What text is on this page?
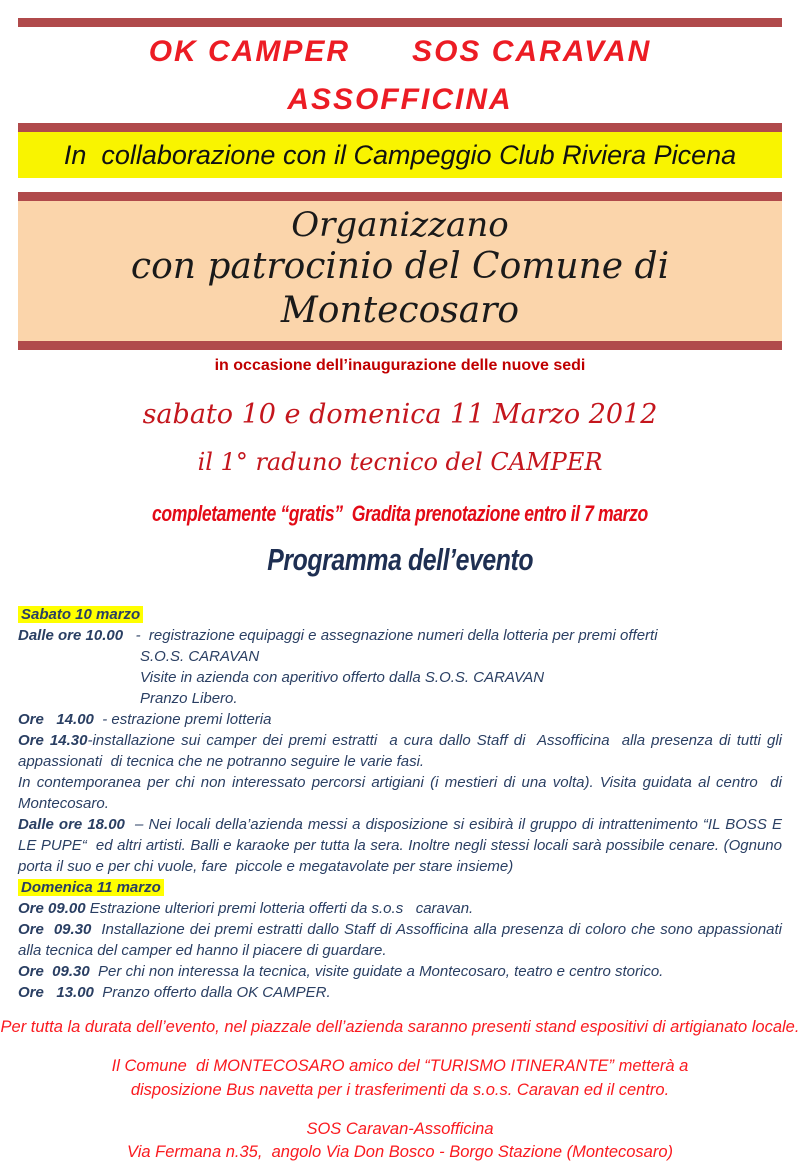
OK CAMPER      SOS CARAVAN
ASSOFFICINA
In  collaborazione con il Campeggio Club Riviera Picena
Organizzano
con patrocinio del Comune di Montecosaro
in occasione dell’inaugurazione delle nuove sedi
sabato 10 e domenica 11 Marzo 2012
il 1° raduno tecnico del CAMPER
completamente “gratis”  Gradita prenotazione entro il 7 marzo
Programma dell’evento

Sabato 10 marzo

Dalle ore 10.00   -  registrazione equipaggi e assegnazione numeri della lotteria per premi offerti

S.O.S. CARAVAN

Visite in azienda con aperitivo offerto dalla S.O.S. CARAVAN

Pranzo Libero.

Ore   14.00  - estrazione premi lotteria

Ore 14.30-installazione sui camper dei premi estratti  a cura dallo Staff di  Assofficina  alla presenza di tutti gli appassionati  di tecnica che ne potranno seguire le varie fasi.

In contemporanea per chi non interessato percorsi artigiani (i mestieri di una volta). Visita guidata al centro  di Montecosaro.

Dalle ore 18.00  – Nei locali della’azienda messi a disposizione si esibirà il gruppo di intrattenimento “IL BOSS E LE PUPE“  ed altri artisti. Balli e karaoke per tutta la sera. Inoltre negli stessi locali sarà possibile cenare. (Ognuno porta il suo e per chi vuole, fare  piccole e megatavolate per stare insieme)

Domenica 11 marzo

Ore 09.00 Estrazione ulteriori premi lotteria offerti da s.o.s   caravan.

Ore  09.30  Installazione dei premi estratti dallo Staff di Assofficina alla presenza di coloro che sono appassionati alla tecnica del camper ed hanno il piacere di guardare.

Ore  09.30  Per chi non interessa la tecnica, visite guidate a Montecosaro, teatro e centro storico.

Ore   13.00  Pranzo offerto dalla OK CAMPER.

Per tutta la durata dell’evento, nel piazzale dell’azienda saranno presenti stand espositivi di artigianato locale.
Il Comune  di MONTECOSARO amico del “TURISMO ITINERANTE” metterà a disposizione Bus navetta per i trasferimenti da s.o.s. Caravan ed il centro.
SOS Caravan-Assofficina
Via Fermana n.35,  angolo Via Don Bosco - Borgo Stazione (Montecosaro)
